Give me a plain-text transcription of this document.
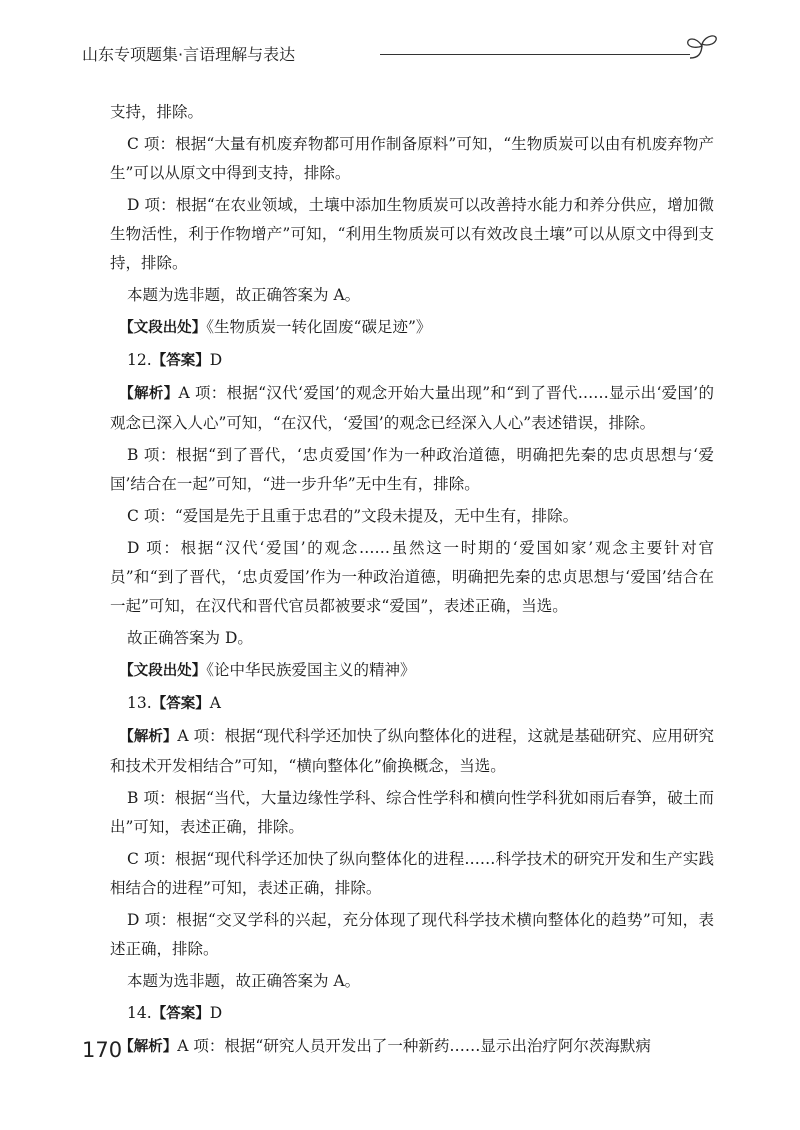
山东专项题集·言语理解与表达

支持，排除。

C 项：根据“大量有机废弃物都可用作制备原料”可知，“生物质炭可以由有机废弃物产生”可以从原文中得到支持，排除。

D 项：根据“在农业领域，土壤中添加生物质炭可以改善持水能力和养分供应，增加微生物活性，利于作物增产”可知，“利用生物质炭可以有效改良土壤”可以从原文中得到支持，排除。

本题为选非题，故正确答案为 A。

【文段出处】《生物质炭一转化固废“碳足迹”》

12.【答案】D

【解析】A 项：根据“汉代‘爱国’的观念开始大量出现”和“到了晋代……显示出‘爱国’的观念已深入人心”可知，“在汉代，‘爱国’的观念已经深入人心”表述错误，排除。

B 项：根据“到了晋代，‘忠贞爱国’作为一种政治道德，明确把先秦的忠贞思想与‘爱国’结合在一起”可知，“进一步升华”无中生有，排除。

C 项：“爱国是先于且重于忠君的”文段未提及，无中生有，排除。

D 项：根据“汉代‘爱国’的观念……虽然这一时期的‘爱国如家’观念主要针对官员”和“到了晋代，‘忠贞爱国’作为一种政治道德，明确把先秦的忠贞思想与‘爱国’结合在一起”可知，在汉代和晋代官员都被要求“爱国”，表述正确，当选。

故正确答案为 D。

【文段出处】《论中华民族爱国主义的精神》

13.【答案】A

【解析】A 项：根据“现代科学还加快了纵向整体化的进程，这就是基础研究、应用研究和技术开发相结合”可知，“横向整体化”偷换概念，当选。

B 项：根据“当代，大量边缘性学科、综合性学科和横向性学科犹如雨后春笋，破土而出”可知，表述正确，排除。

C 项：根据“现代科学还加快了纵向整体化的进程……科学技术的研究开发和生产实践相结合的进程”可知，表述正确，排除。

D 项：根据“交叉学科的兴起，充分体现了现代科学技术横向整体化的趋势”可知，表述正确，排除。

本题为选非题，故正确答案为 A。

14.【答案】D

【解析】A 项：根据“研究人员开发出了一种新药……显示出治疗阿尔茨海默病

170
